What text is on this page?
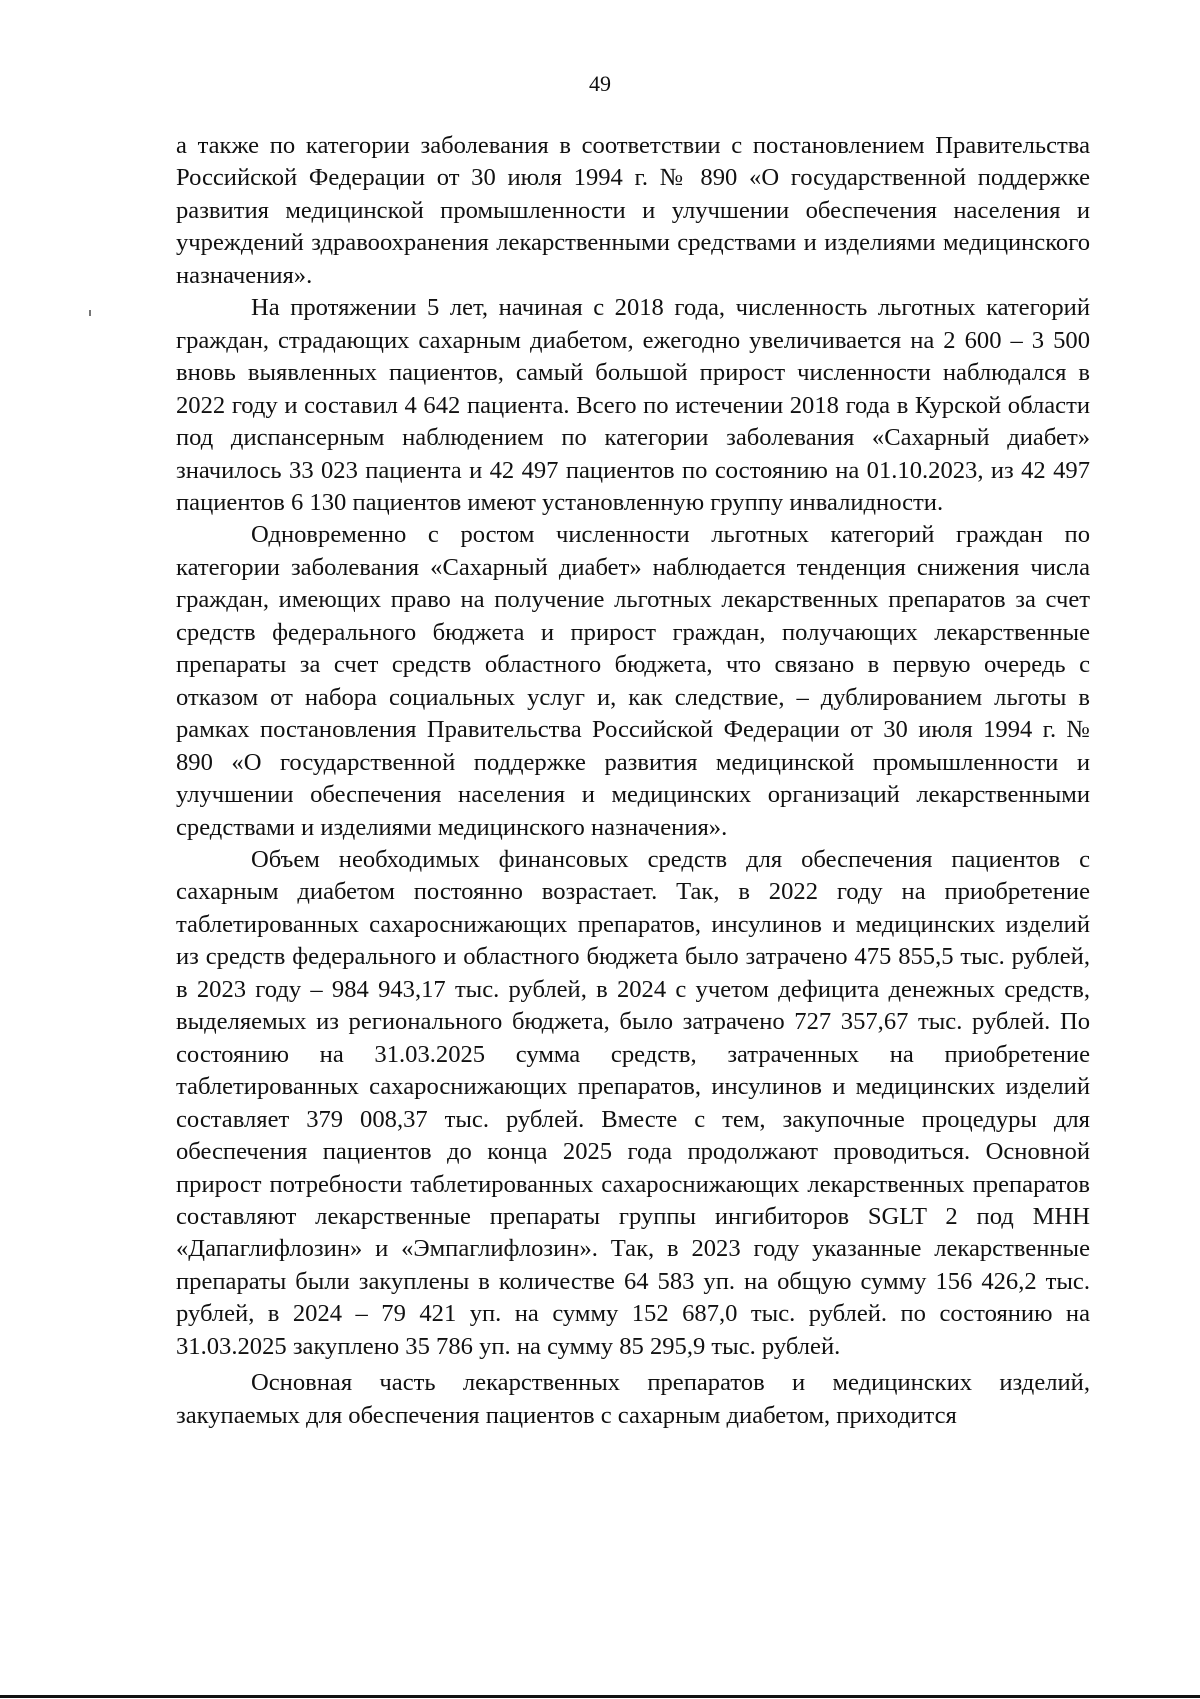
49

а также по категории заболевания в соответствии с постановлением Правительства Российской Федерации от 30 июля 1994 г. № 890 «О государственной поддержке развития медицинской промышленности и улучшении обеспечения населения и учреждений здравоохранения лекарственными средствами и изделиями медицинского назначения».

На протяжении 5 лет, начиная с 2018 года, численность льготных категорий граждан, страдающих сахарным диабетом, ежегодно увеличивается на 2 600 – 3 500 вновь выявленных пациентов, самый большой прирост численности наблюдался в 2022 году и составил 4 642 пациента. Всего по истечении 2018 года в Курской области под диспансерным наблюдением по категории заболевания «Сахарный диабет» значилось 33 023 пациента и 42 497 пациентов по состоянию на 01.10.2023, из 42 497 пациентов 6 130 пациентов имеют установленную группу инвалидности.

Одновременно с ростом численности льготных категорий граждан по категории заболевания «Сахарный диабет» наблюдается тенденция снижения числа граждан, имеющих право на получение льготных лекарственных препаратов за счет средств федерального бюджета и прирост граждан, получающих лекарственные препараты за счет средств областного бюджета, что связано в первую очередь с отказом от набора социальных услуг и, как следствие, – дублированием льготы в рамках постановления Правительства Российской Федерации от 30 июля 1994 г. № 890 «О государственной поддержке развития медицинской промышленности и улучшении обеспечения населения и медицинских организаций лекарственными средствами и изделиями медицинского назначения».

Объем необходимых финансовых средств для обеспечения пациентов с сахарным диабетом постоянно возрастает. Так, в 2022 году на приобретение таблетированных сахароснижающих препаратов, инсулинов и медицинских изделий из средств федерального и областного бюджета было затрачено 475 855,5 тыс. рублей, в 2023 году – 984 943,17 тыс. рублей, в 2024 с учетом дефицита денежных средств, выделяемых из регионального бюджета, было затрачено 727 357,67 тыс. рублей. По состоянию на 31.03.2025 сумма средств, затраченных на приобретение таблетированных сахароснижающих препаратов, инсулинов и медицинских изделий составляет 379 008,37 тыс. рублей. Вместе с тем, закупочные процедуры для обеспечения пациентов до конца 2025 года продолжают проводиться. Основной прирост потребности таблетированных сахароснижающих лекарственных препаратов составляют лекарственные препараты группы ингибиторов SGLT 2 под МНН «Дапаглифлозин» и «Эмпаглифлозин». Так, в 2023 году указанные лекарственные препараты были закуплены в количестве 64 583 уп. на общую сумму 156 426,2 тыс. рублей, в 2024 – 79 421 уп. на сумму 152 687,0 тыс. рублей. по состоянию на 31.03.2025 закуплено 35 786 уп. на сумму 85 295,9 тыс. рублей.

Основная часть лекарственных препаратов и медицинских изделий, закупаемых для обеспечения пациентов с сахарным диабетом, приходится
